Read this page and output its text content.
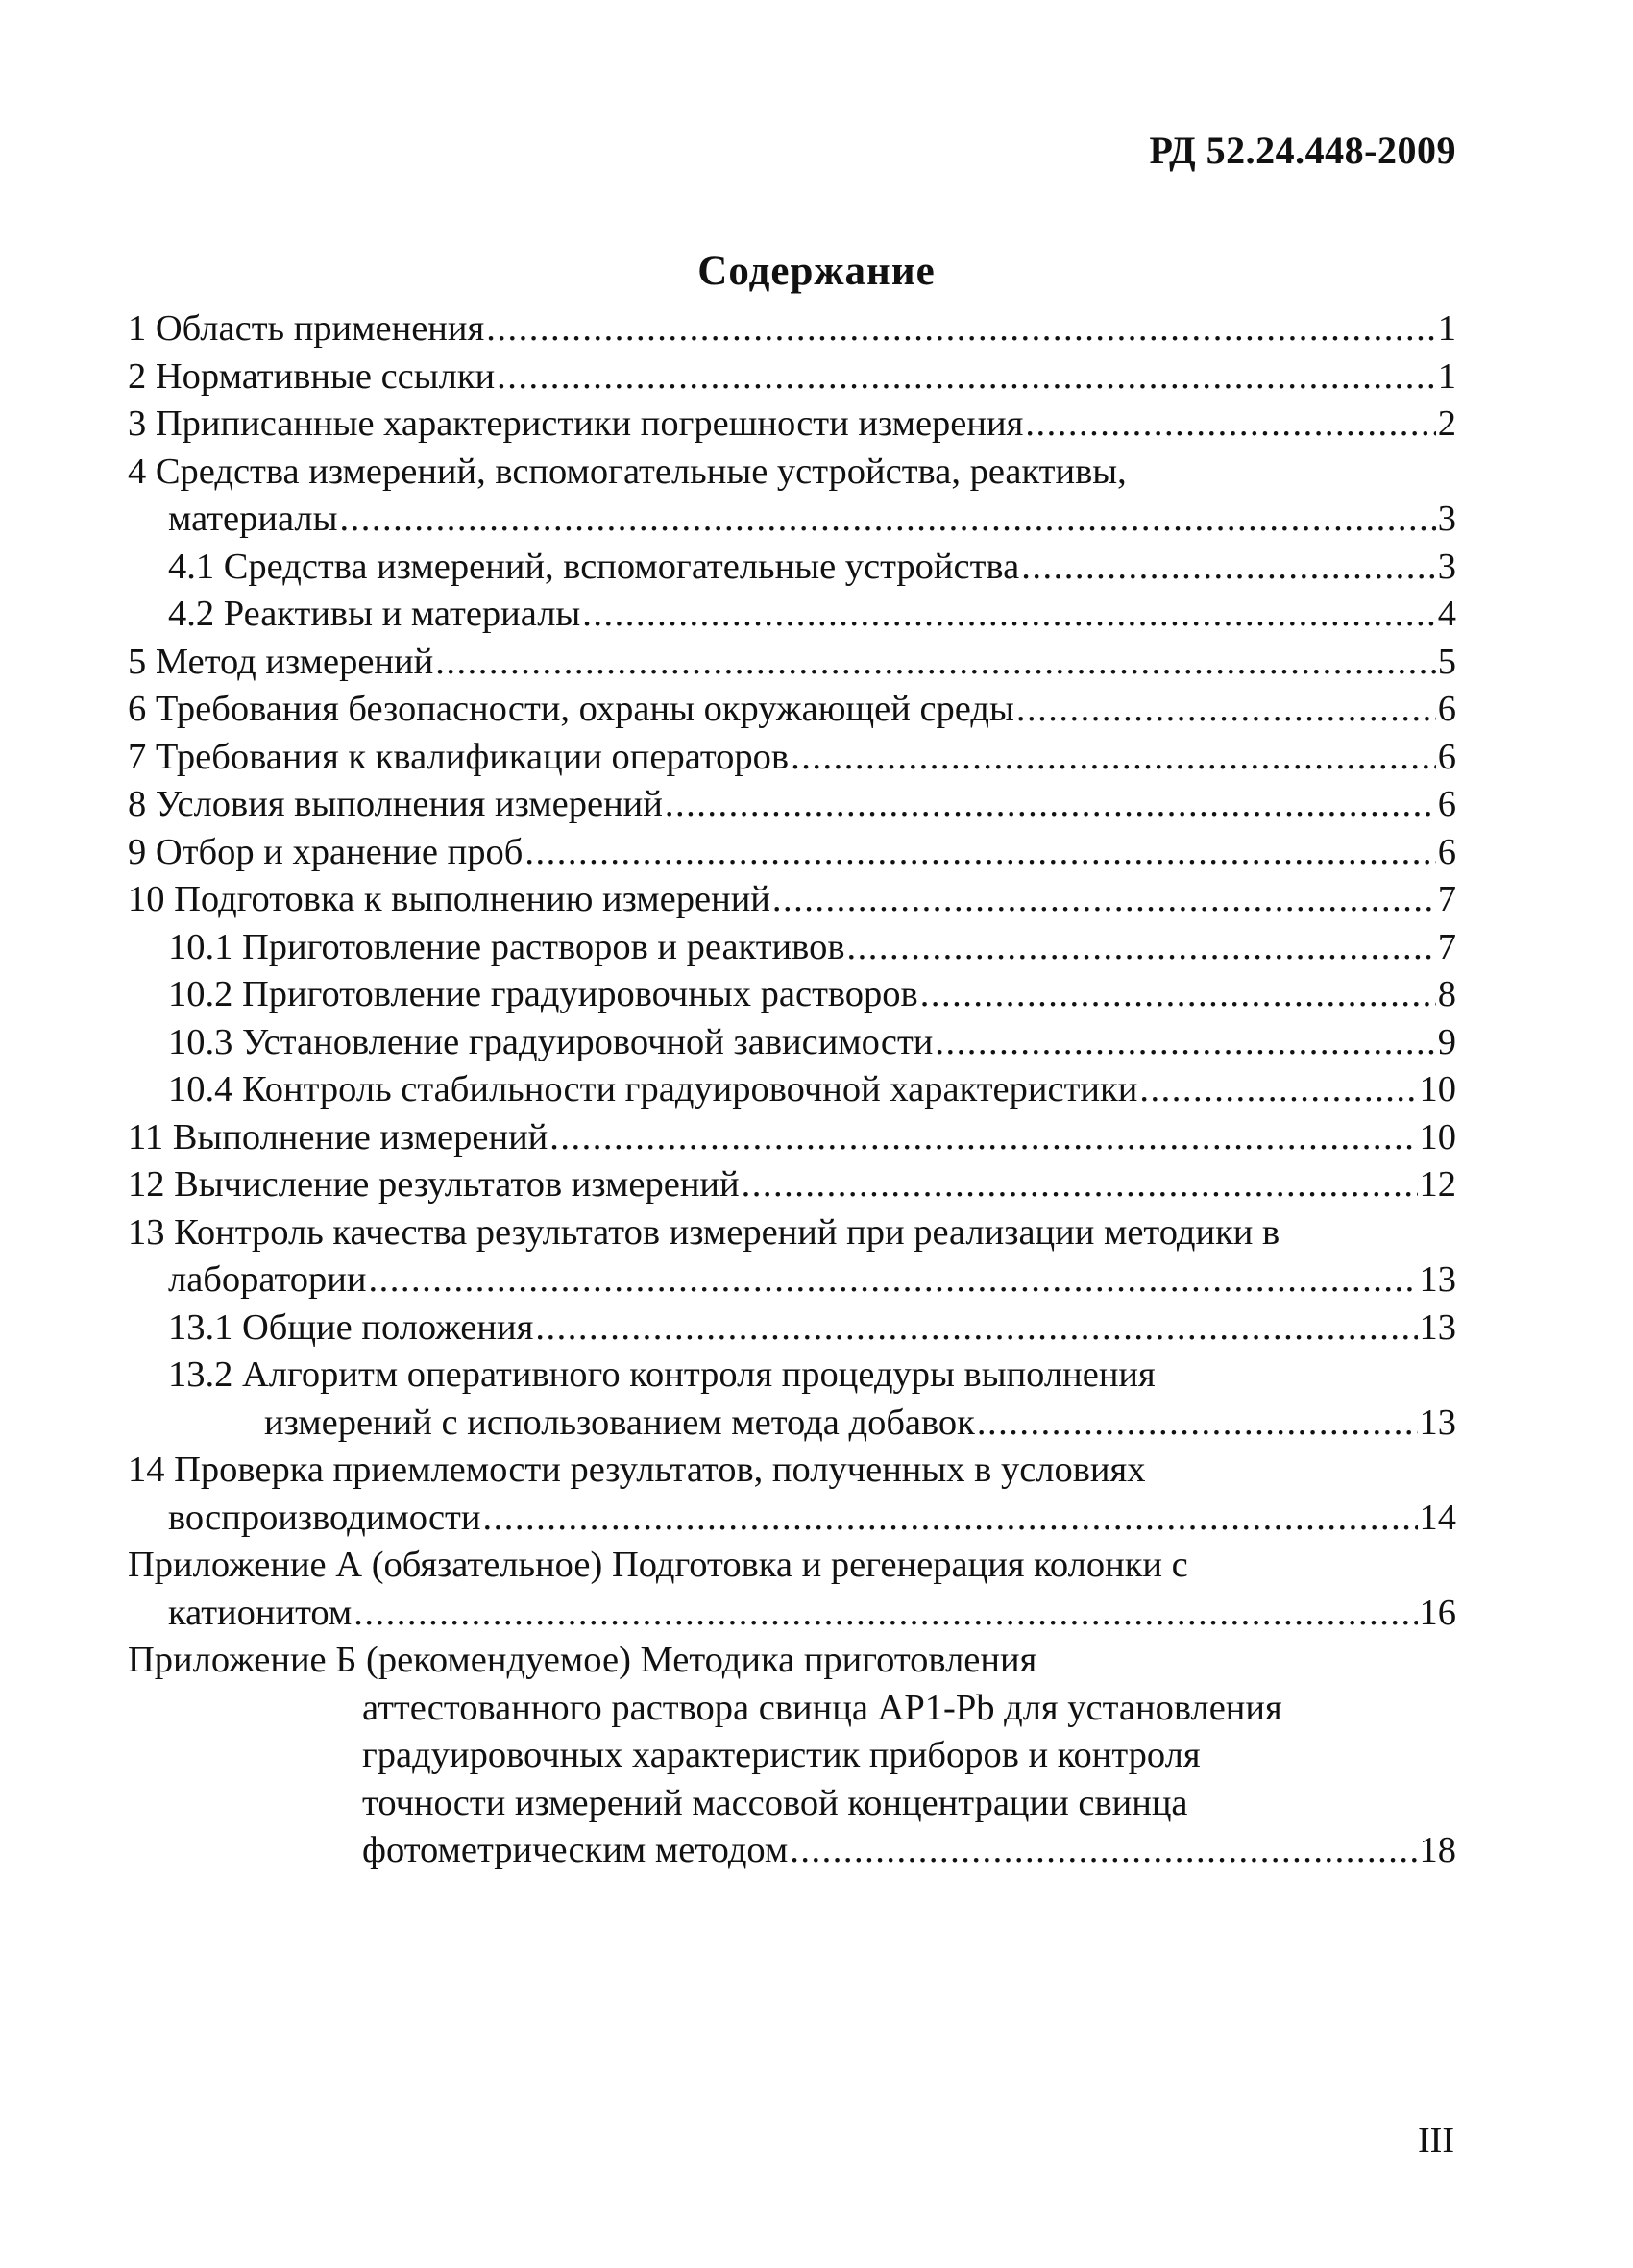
РД 52.24.448-2009
Содержание
1 Область применения .....	1
2 Нормативные ссылки .....	1
3 Приписанные характеристики погрешности измерения .....	2
4 Средства измерений, вспомогательные устройства, реактивы,
материалы .....	3
4.1 Средства измерений, вспомогательные устройства .....	3
4.2 Реактивы и материалы .....	4
5 Метод измерений .....	5
6 Требования безопасности, охраны окружающей среды .....	6
7 Требования к квалификации операторов .....	6
8 Условия выполнения измерений .....	6
9 Отбор и хранение проб .....	6
10 Подготовка к выполнению измерений .....	7
10.1 Приготовление растворов и реактивов .....	7
10.2 Приготовление градуировочных растворов .....	8
10.3 Установление градуировочной зависимости .....	9
10.4 Контроль стабильности градуировочной характеристики .....	10
11 Выполнение измерений .....	10
12 Вычисление результатов измерений .....	12
13 Контроль качества результатов измерений при реализации методики в
лаборатории .....	13
13.1 Общие положения .....	13
13.2 Алгоритм оперативного контроля процедуры выполнения
измерений с использованием метода добавок .....	13
14 Проверка приемлемости результатов, полученных в условиях
воспроизводимости .....	14
Приложение А (обязательное) Подготовка и регенерация колонки с
катионитом .....	16
Приложение Б (рекомендуемое) Методика приготовления
аттестованного раствора свинца АР1-Pb для установления
градуировочных характеристик приборов и контроля
точности измерений массовой концентрации свинца
фотометрическим методом .....	18
III
